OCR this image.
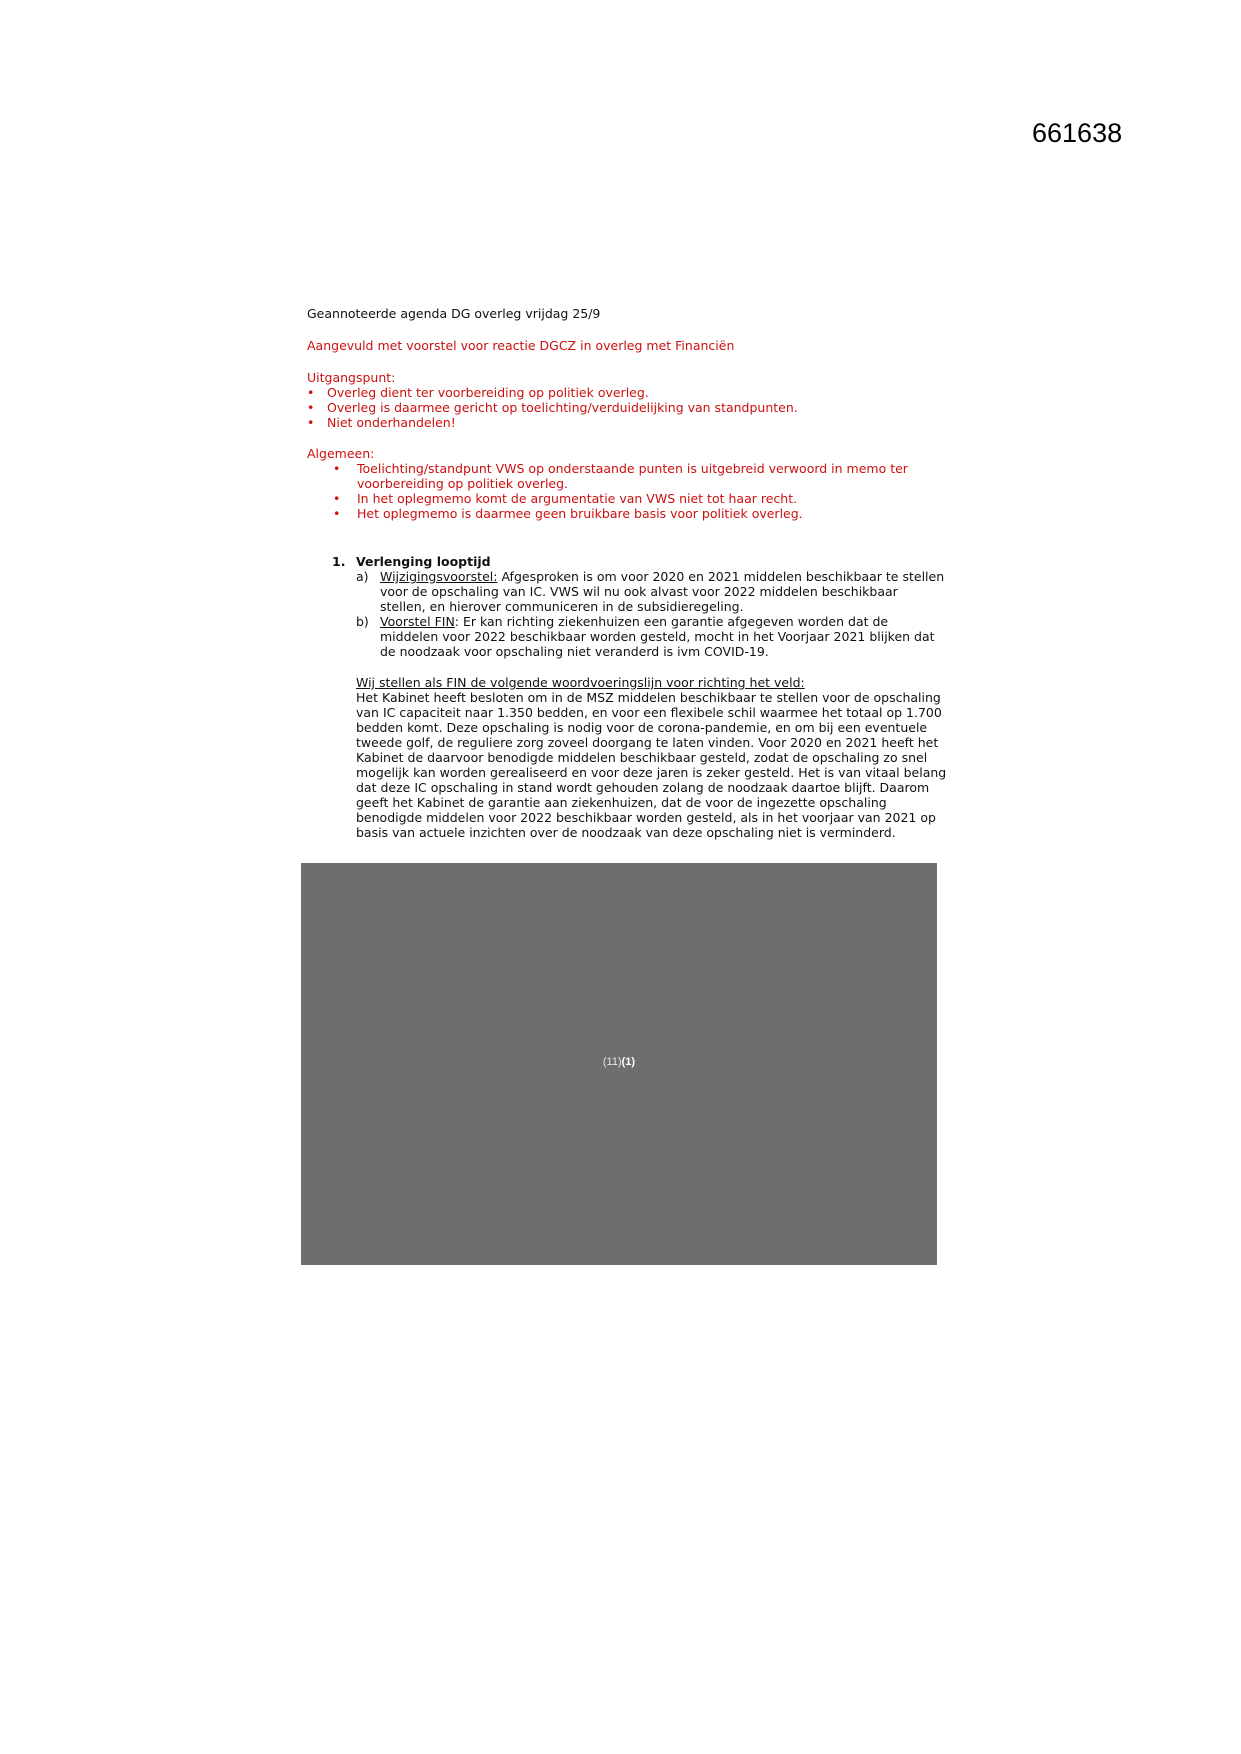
661638

Geannoteerde agenda DG overleg vrijdag 25/9

Aangevuld met voorstel voor reactie DGCZ in overleg met Financiën

Uitgangspunt:

• Overleg dient ter voorbereiding op politiek overleg.
• Overleg is daarmee gericht op toelichting/verduidelijking van standpunten.
• Niet onderhandelen!

Algemeen:

• Toelichting/standpunt VWS op onderstaande punten is uitgebreid verwoord in memo ter voorbereiding op politiek overleg.
• In het oplegmemo komt de argumentatie van VWS niet tot haar recht.
• Het oplegmemo is daarmee geen bruikbare basis voor politiek overleg.
1. Verlenging looptijd
a) Wijzigingsvoorstel: Afgesproken is om voor 2020 en 2021 middelen beschikbaar te stellen voor de opschaling van IC. VWS wil nu ook alvast voor 2022 middelen beschikbaar stellen, en hierover communiceren in de subsidieregeling.
b) Voorstel FIN: Er kan richting ziekenhuizen een garantie afgegeven worden dat de middelen voor 2022 beschikbaar worden gesteld, mocht in het Voorjaar 2021 blijken dat de noodzaak voor opschaling niet veranderd is ivm COVID-19.

Wij stellen als FIN de volgende woordvoeringslijn voor richting het veld:

Het Kabinet heeft besloten om in de MSZ middelen beschikbaar te stellen voor de opschaling van IC capaciteit naar 1.350 bedden, en voor een flexibele schil waarmee het totaal op 1.700 bedden komt. Deze opschaling is nodig voor de corona-pandemie, en om bij een eventuele tweede golf, de reguliere zorg zoveel doorgang te laten vinden. Voor 2020 en 2021 heeft het Kabinet de daarvoor benodigde middelen beschikbaar gesteld, zodat de opschaling zo snel mogelijk kan worden gerealiseerd en voor deze jaren is zeker gesteld. Het is van vitaal belang dat deze IC opschaling in stand wordt gehouden zolang de noodzaak daartoe blijft. Daarom geeft het Kabinet de garantie aan ziekenhuizen, dat de voor de ingezette opschaling benodigde middelen voor 2022 beschikbaar worden gesteld, als in het voorjaar van 2021 op basis van actuele inzichten over de noodzaak van deze opschaling niet is verminderd.

(11)(1)
